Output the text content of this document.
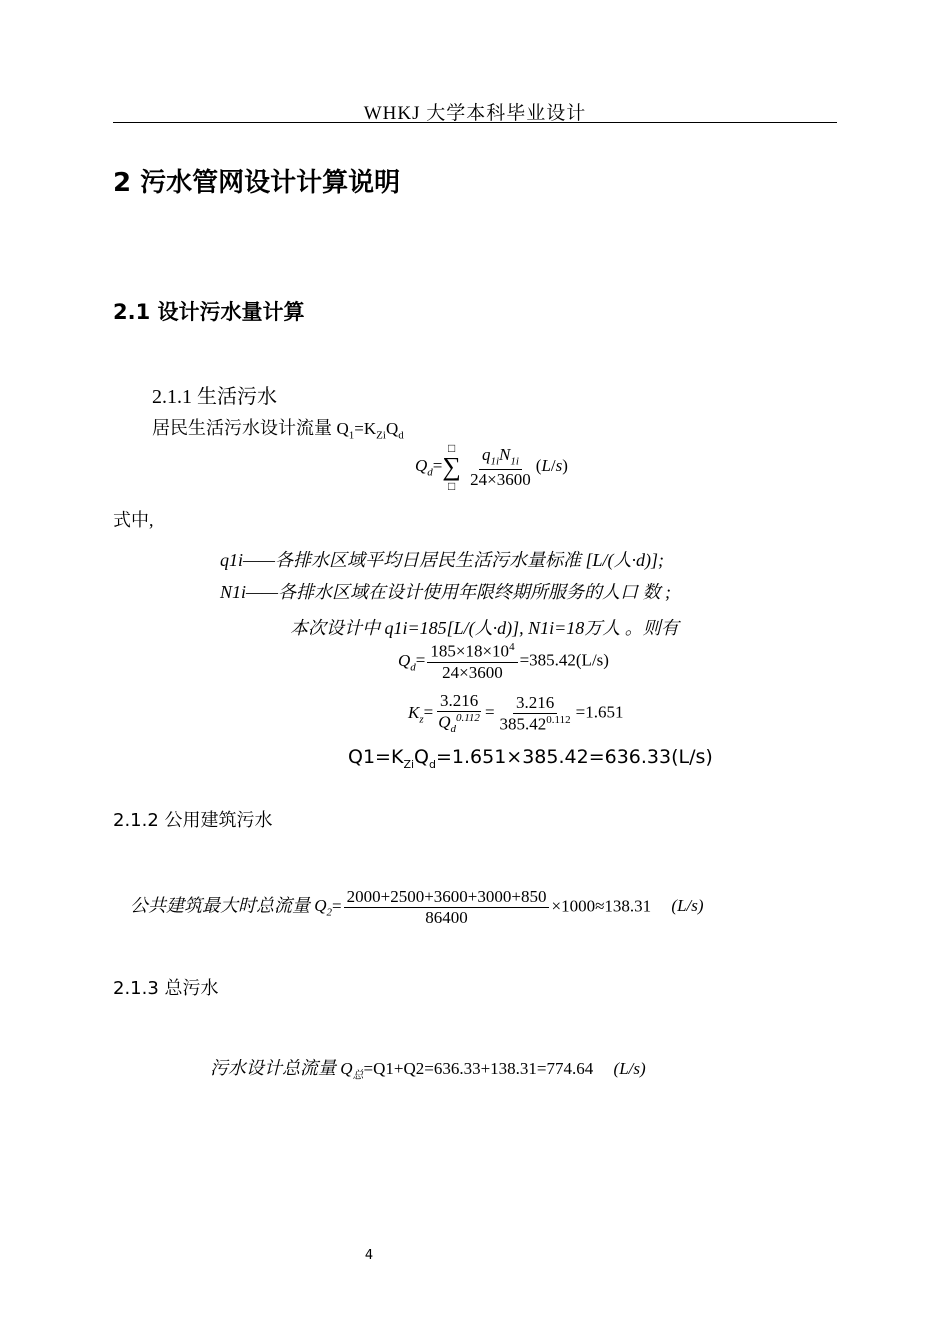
WHKJ 大学本科毕业设计
2 污水管网设计计算说明
2.1 设计污水量计算
2.1.1 生活污水
居民生活污水设计流量 $Q_1=K_{Zi}Q_d$
$Q_d=$
□
∑
□
$\frac{q_{1i}N_{1i}}{24\times 3600} (L/s)$
式中,
q1i——各排水区域平均日居民生活污水量标准 [L/(人·d)];
N1i——各排水区域在设计使用年限终期所服务的人口 数 ;
本次设计中 q1i=185[L/(人·d)], N1i=18万人 。则有
$Q_d= \frac{185\times 18\times 10^4}{24\times 3600} =385.42(L/s)$
$K_z= \frac{3.216}{Q_d^{0.112}} = \frac{3.216}{385.42^{0.112}} =1.651$
$Q1=K_{Zi}Q_d=1.651\times 385.42=636.33(L/s)$
2.1.2 公用建筑污水
公共建筑最大时总流量 $Q_2= \frac{2000+2500+3600+3000+850}{86400} \times 1000\approx 138.31$ (L/s)
2.1.3 总污水
污水设计总流量 $Q_总=Q1+Q2=636.33+138.31=774.64$ (L/s)
4
